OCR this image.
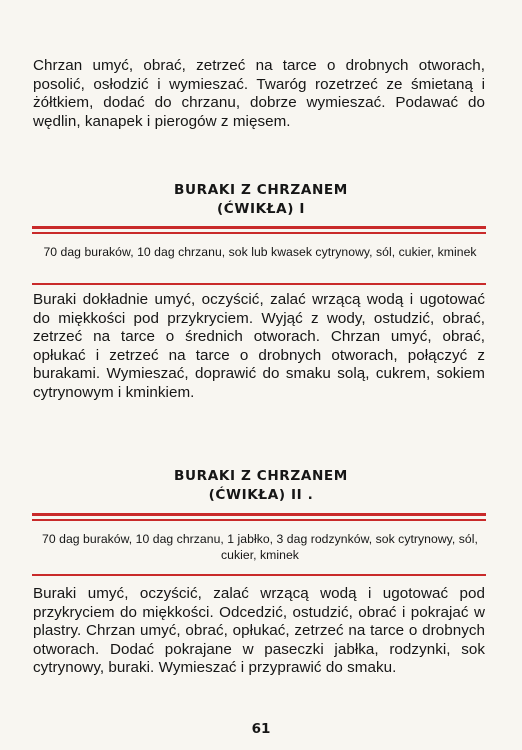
Chrzan umyć, obrać, zetrzeć na tarce o drobnych otworach, posolić, osłodzić i wymieszać. Twaróg rozetrzeć ze śmietaną i żółtkiem, dodać do chrzanu, dobrze wymieszać. Podawać do wędlin, kanapek i pierogów z mięsem.

BURAKI Z CHRZANEM
(ĆWIKŁA) I

70 dag buraków, 10 dag chrzanu, sok lub kwasek cytrynowy, sól, cukier, kminek

Buraki dokładnie umyć, oczyścić, zalać wrzącą wodą i ugotować do miękkości pod przykryciem. Wyjąć z wody, ostudzić, obrać, zetrzeć na tarce o średnich otworach. Chrzan umyć, obrać, opłukać i zetrzeć na tarce o drobnych otworach, połączyć z burakami. Wymieszać, doprawić do smaku solą, cukrem, sokiem cytrynowym i kminkiem.

BURAKI Z CHRZANEM
(ĆWIKŁA) II .

70 dag buraków, 10 dag chrzanu, 1 jabłko, 3 dag rodzynków, sok cytrynowy, sól, cukier, kminek

Buraki umyć, oczyścić, zalać wrzącą wodą i ugotować pod przykryciem do miękkości. Odcedzić, ostudzić, obrać i pokrajać w plastry. Chrzan umyć, obrać, opłukać, zetrzeć na tarce o drobnych otworach. Dodać pokrajane w paseczki jabłka, rodzynki, sok cytrynowy, buraki. Wymieszać i przyprawić do smaku.

61
